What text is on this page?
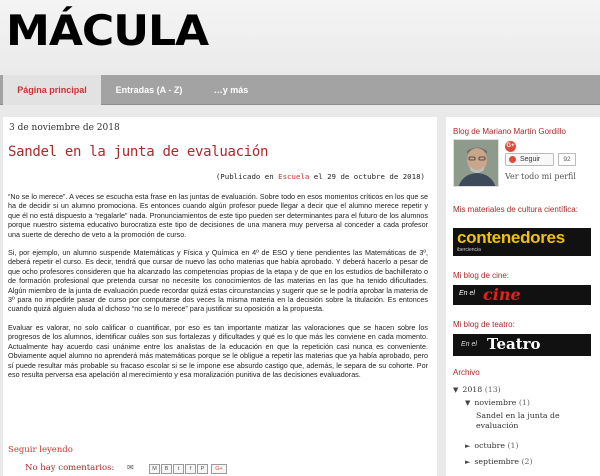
MÁCULA
Página principal	Entradas (A - Z)	…y más
3 de noviembre de 2018
Sandel en la junta de evaluación
(Publicado en Escuela el 29 de octubre de 2018)

“No se lo merece”. A veces se escucha esta frase en las juntas de evaluación. Sobre todo en esos momentos críticos en los que se ha de decidir si un alumno promociona. Es entonces cuando algún profesor puede llegar a decir que el alumno merece repetir y que él no está dispuesto a “regalarle” nada. Pronunciamientos de este tipo pueden ser determinantes para el futuro de los alumnos porque nuestro sistema educativo burocratiza este tipo de decisiones de una manera muy perversa al conceder a cada profesor una suerte de derecho de veto a la promoción de curso.

Si, por ejemplo, un alumno suspende Matemáticas y Física y Química en 4º de ESO y tiene pendientes las Matemáticas de 3º, deberá repetir el curso. Es decir, tendrá que cursar de nuevo las ocho materias que había aprobado. Y deberá hacerlo a pesar de que ocho profesores consideren que ha alcanzado las competencias propias de la etapa y de que en los estudios de bachillerato o de formación profesional que pretenda cursar no necesite los conocimientos de las materias en las que ha tenido dificultades. Algún miembro de la junta de evaluación puede recordar quizá estas circunstancias y sugerir que se le podría aprobar la materia de 3º para no impedirle pasar de curso por computarse dos veces la misma materia en la decisión sobre la titulación. Es entonces cuando quizá alguien aluda al dichoso “no se lo merece” para justificar su oposición a la propuesta.

Evaluar es valorar, no solo calificar o cuantificar, por eso es tan importante matizar las valoraciones que se hacen sobre los progresos de los alumnos, identificar cuáles son sus fortalezas y dificultades y qué es lo que más les conviene en cada momento. Actualmente hay acuerdo casi unánime entre los analistas de la educación en que la repetición casi nunca es conveniente. Obviamente aquel alumno no aprenderá más matemáticas porque se le obligue a repetir las materias que ya había aprobado, pero sí puede resultar más probable su fracaso escolar si se le impone ese absurdo castigo que, además, le separa de su cohorte. Por eso resulta perversa esa apelación al merecimiento y esa moralización punitiva de las decisiones evaluadoras.

Seguir leyendo
No hay comentarios: ✉	M	B	t	f	P	G+
Blog de Mariano Martín Gordillo
G+
Seguir	92
Ver todo mi perfil
Mis materiales de cultura científica:
contenedores
iberciencia
Mi blog de cine:
En el cine
Mi blog de teatro:
En el Teatro
Archivo
▼ 2018 (13)
▼ noviembre (1)
Sandel en la junta de evaluación
► octubre (1)
► septiembre (2)
